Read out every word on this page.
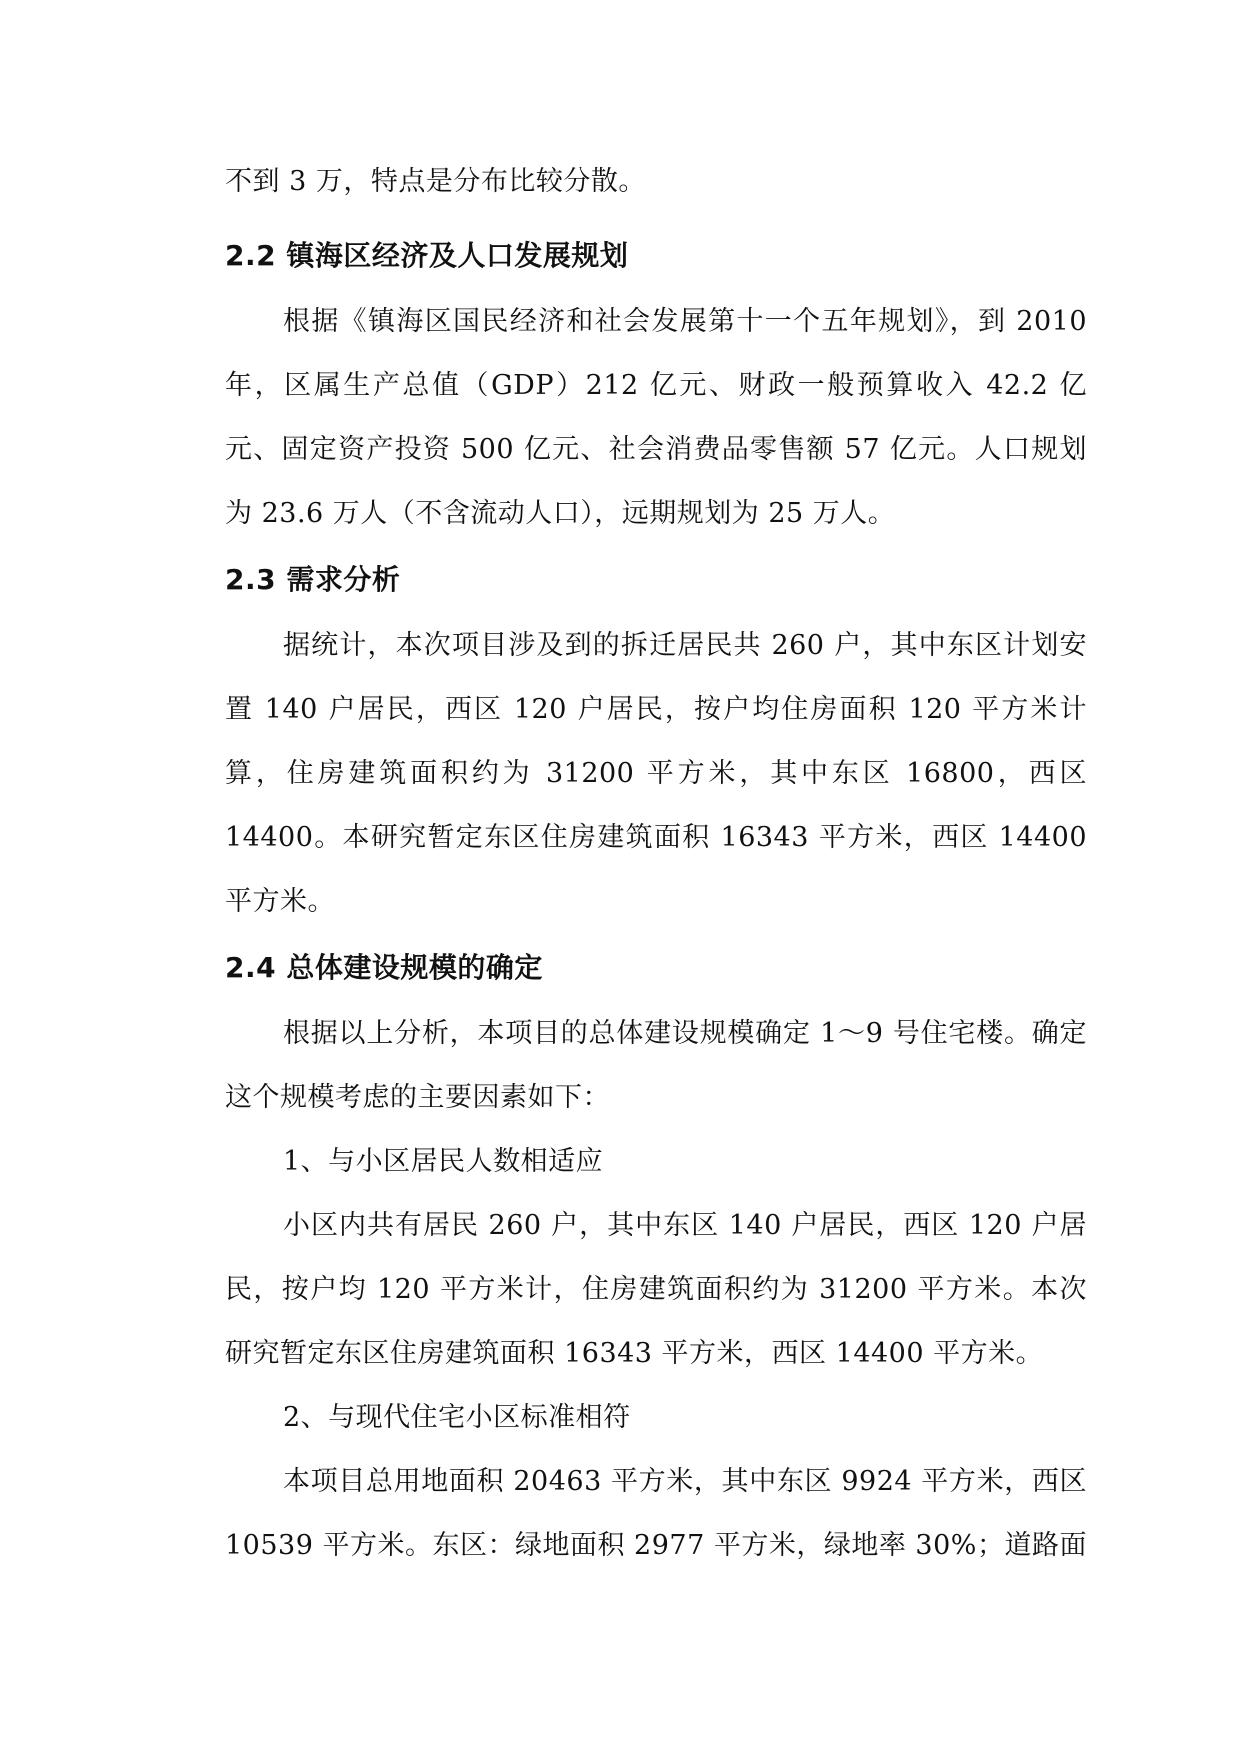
不到 3 万，特点是分布比较分散。

2.2 镇海区经济及人口发展规划

根据《镇海区国民经济和社会发展第十一个五年规划》，到 2010 年，区属生产总值（GDP）212 亿元、财政一般预算收入 42.2 亿元、固定资产投资 500 亿元、社会消费品零售额 57 亿元。人口规划为 23.6 万人（不含流动人口），远期规划为 25 万人。

2.3 需求分析

据统计，本次项目涉及到的拆迁居民共 260 户，其中东区计划安置 140 户居民，西区 120 户居民，按户均住房面积 120 平方米计算，住房建筑面积约为 31200 平方米，其中东区 16800，西区 14400。本研究暂定东区住房建筑面积 16343 平方米，西区 14400 平方米。

2.4 总体建设规模的确定

根据以上分析，本项目的总体建设规模确定 1～9 号住宅楼。确定这个规模考虑的主要因素如下：

1、与小区居民人数相适应

小区内共有居民 260 户，其中东区 140 户居民，西区 120 户居民，按户均 120 平方米计，住房建筑面积约为 31200 平方米。本次研究暂定东区住房建筑面积 16343 平方米，西区 14400 平方米。

2、与现代住宅小区标准相符

本项目总用地面积 20463 平方米，其中东区 9924 平方米，西区 10539 平方米。东区：绿地面积 2977 平方米，绿地率 30%；道路面
